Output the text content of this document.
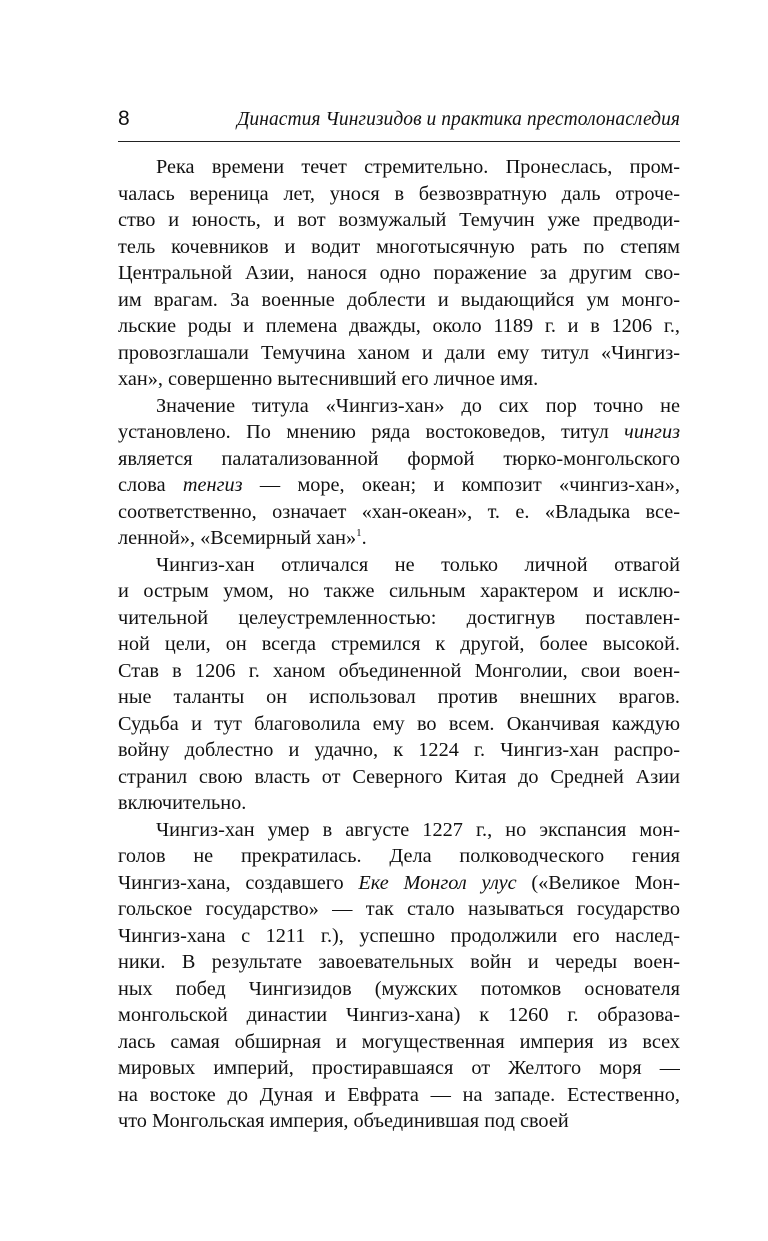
8	Династия Чингизидов и практика престолонаследия
Река времени течет стремительно. Пронеслась, пром-
чалась вереница лет, унося в безвозвратную даль отроче-
ство и юность, и вот возмужалый Темучин уже предводи-
тель кочевников и водит многотысячную рать по степям
Центральной Азии, нанося одно поражение за другим сво-
им врагам. За военные доблести и выдающийся ум монго-
льские роды и племена дважды, около 1189 г. и в 1206 г.,
провозглашали Темучина ханом и дали ему титул «Чингиз-
хан», совершенно вытеснивший его личное имя.
Значение титула «Чингиз-хан» до сих пор точно не
установлено. По мнению ряда востоковедов, титул чингиз
является палатализованной формой тюрко-монгольского
слова тенгиз — море, океан; и композит «чингиз-хан»,
соответственно, означает «хан-океан», т. е. «Владыка все-
ленной», «Всемирный хан»$^1$.
Чингиз-хан отличался не только личной отвагой
и острым умом, но также сильным характером и исклю-
чительной целеустремленностью: достигнув поставлен-
ной цели, он всегда стремился к другой, более высокой.
Став в 1206 г. ханом объединенной Монголии, свои воен-
ные таланты он использовал против внешних врагов.
Судьба и тут благоволила ему во всем. Оканчивая каждую
войну доблестно и удачно, к 1224 г. Чингиз-хан распро-
странил свою власть от Северного Китая до Средней Азии
включительно.
Чингиз-хан умер в августе 1227 г., но экспансия мон-
голов не прекратилась. Дела полководческого гения
Чингиз-хана, создавшего Еке Монгол улус («Великое Мон-
гольское государство» — так стало называться государство
Чингиз-хана с 1211 г.), успешно продолжили его наслед-
ники. В результате завоевательных войн и череды воен-
ных побед Чингизидов (мужских потомков основателя
монгольской династии Чингиз-хана) к 1260 г. образова-
лась самая обширная и могущественная империя из всех
мировых империй, простиравшаяся от Желтого моря —
на востоке до Дуная и Евфрата — на западе. Естественно,
что Монгольская империя, объединившая под своей
